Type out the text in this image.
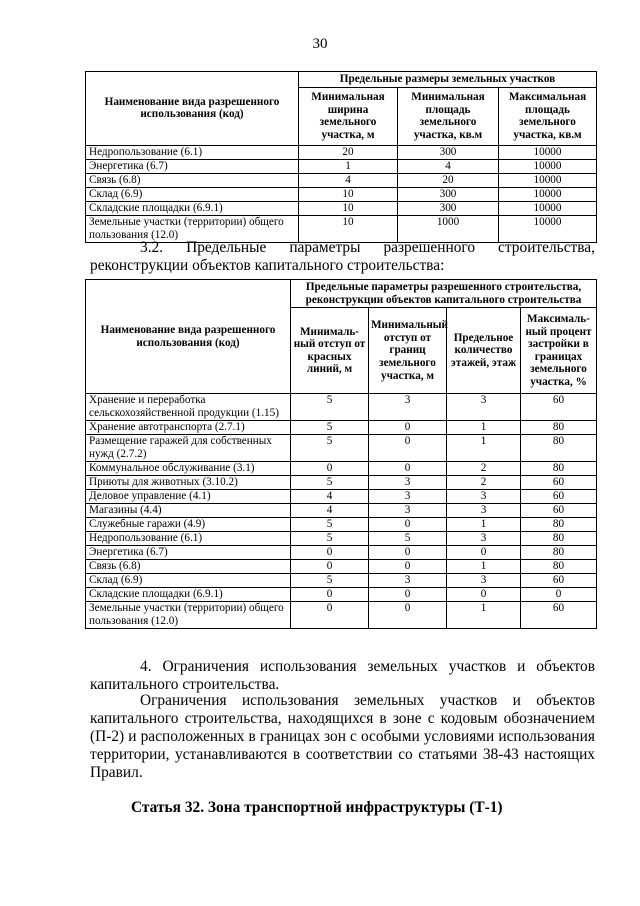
30
Наименование вида разрешенного использования (код)	Предельные размеры земельных участков		
	Минимальная ширина земельного участка, м	Минимальная площадь земельного участка, кв.м	Максимальная площадь земельного участка, кв.м
Недропользование (6.1)	20	300	10000
Энергетика (6.7)	1	4	10000
Связь (6.8)	4	20	10000
Склад (6.9)	10	300	10000
Складские площадки (6.9.1)	10	300	10000
Земельные участки (территории) общего пользования (12.0)	10	1000	10000
3.2. Предельные параметры разрешенного строительства, реконструкции объектов капитального строительства:
Наименование вида разрешенного использования (код)	Предельные параметры разрешенного строительства, реконструкции объектов капитального строительства			
	Минималь-ный отступ от красных линий, м	Минимальный отступ от границ земельного участка, м	Предельное количество этажей, этаж	Максималь-ный процент застройки в границах земельного участка, %
Хранение и переработка сельскохозяйственной продукции (1.15)	5	3	3	60
Хранение автотранспорта (2.7.1)	5	0	1	80
Размещение гаражей для собственных нужд (2.7.2)	5	0	1	80
Коммунальное обслуживание (3.1)	0	0	2	80
Приюты для животных (3.10.2)	5	3	2	60
Деловое управление (4.1)	4	3	3	60
Магазины (4.4)	4	3	3	60
Служебные гаражи (4.9)	5	0	1	80
Недропользование (6.1)	5	5	3	80
Энергетика (6.7)	0	0	0	80
Связь (6.8)	0	0	1	80
Склад (6.9)	5	3	3	60
Складские площадки (6.9.1)	0	0	0	0
Земельные участки (территории) общего пользования (12.0)	0	0	1	60
4. Ограничения использования земельных участков и объектов капитального строительства.
Ограничения использования земельных участков и объектов капитального строительства, находящихся в зоне с кодовым обозначением (П-2) и расположенных в границах зон с особыми условиями использования территории, устанавливаются в соответствии со статьями 38-43 настоящих Правил.
Статья 32. Зона транспортной инфраструктуры (Т-1)
